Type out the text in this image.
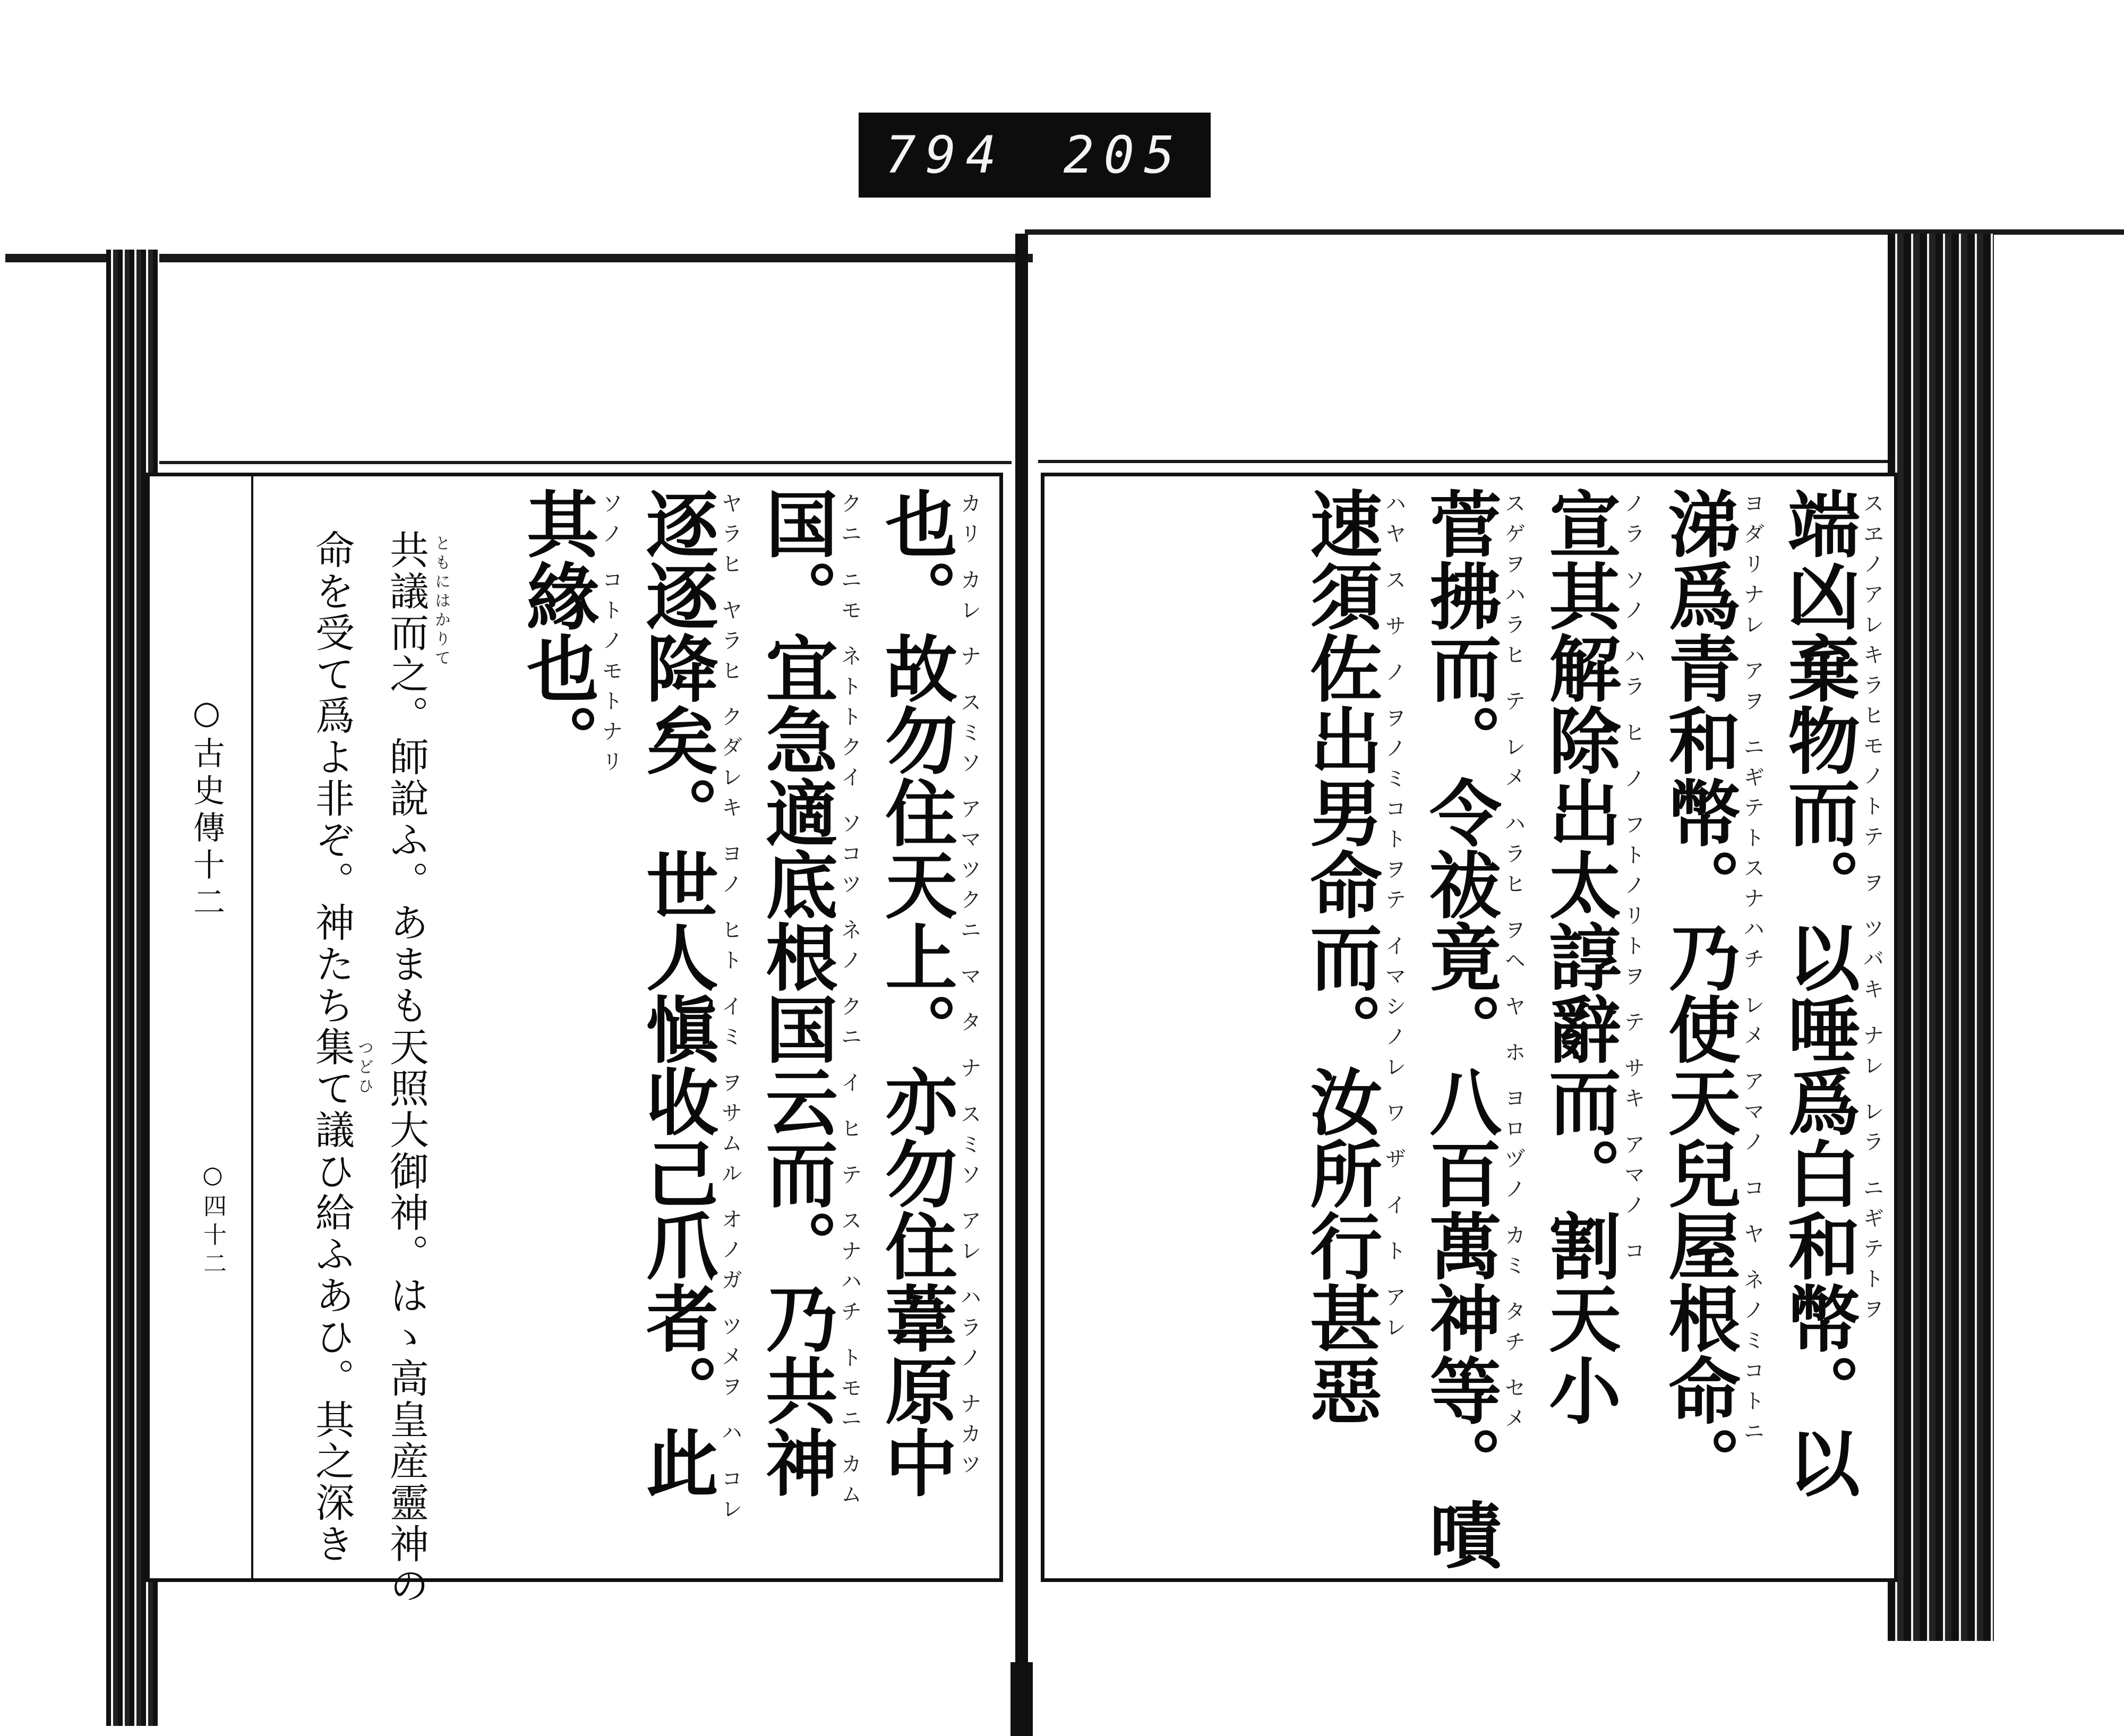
794 205
スヱノアレキラヒモノトテ ヲ ツバキ ナレ レラ ニギテトヲ
端凶棄物而。以唾爲白和幣。以
ヨダリナレ アヲ ニギテトスナハチ レメ アマノ コ ヤ ネノミコトニ
涕爲青和幣。乃使天兒屋根命。
ノラ ソノ ハラ ヒ ノ フトノリトヲ テ サキ アマノ コ
宣其解除出太諄辭而。割天小
スゲヲハラヒ テ レメ ハラヒ ヲヘ ヤ ホ ヨロヅノ カミ タチ セメ
菅拂而。令祓竟。八百萬神等。嘖
ハヤ ス サ ノ ヲノミコトヲテ イマシノレ ワ ザ イ ト アレ
速須佐出男命而。汝所行甚惡
カリ カレ ナ スミソ アマツクニ マ タ ナ スミソ アレ ハラノ ナカツ
也。故勿住天上。亦勿住葦原中
クニ ニモ ネトトクイ ソコツ ネノ クニ イ ヒ テ スナハチ トモニ カム
国。宜急適底根国云而。乃共神
ヤラヒ ヤラヒ クダレキ ヨノ ヒト イミ ヲサムル オノガ ツメヲ ハ コレ
逐逐降矣。世人愼收己爪者。此
ソノ コトノモトナリ
其緣也。
ともにはかりて
共議而之。師說ふ。あまも天照大御神。はゝ高皇産靈神の
つどひ
命を受て爲よ非ぞ。神たち集て議ひ給ふあひ。其之深き
○古史傳十二
○四十二
